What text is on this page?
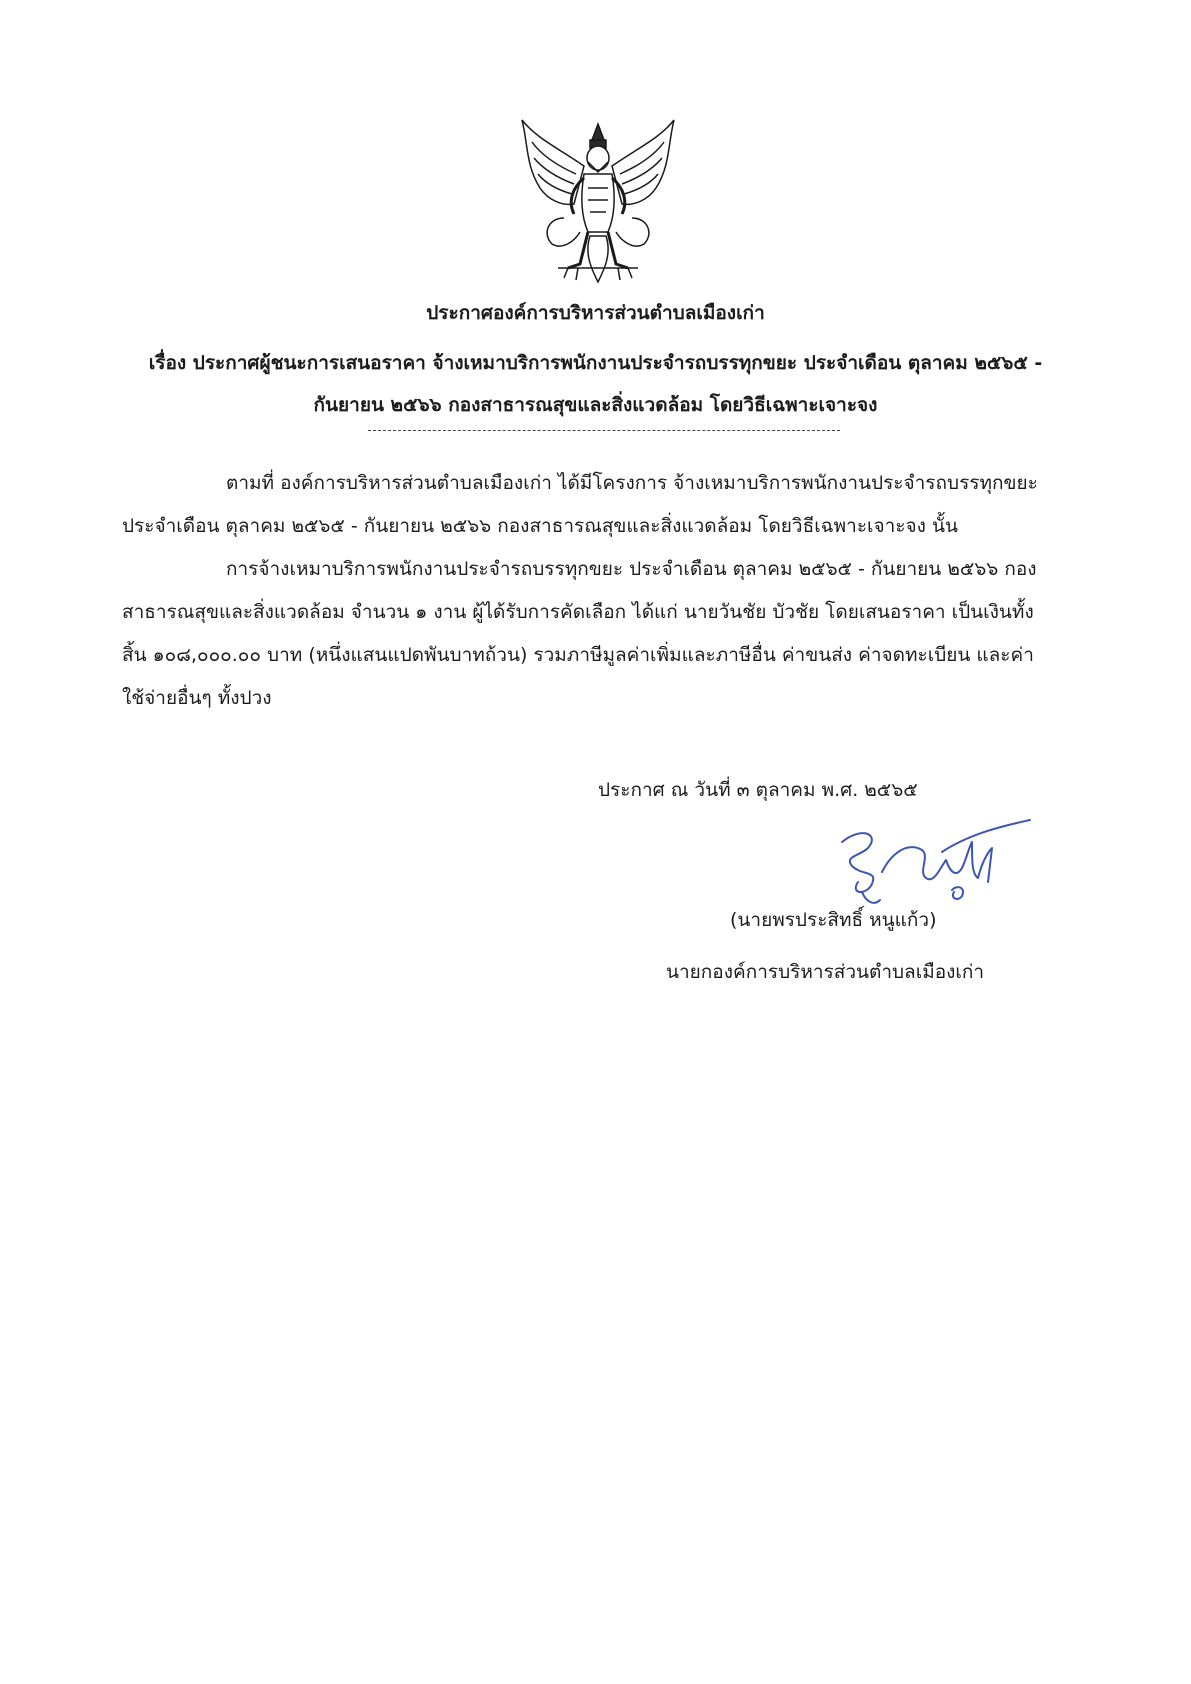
ประกาศองค์การบริหารส่วนตำบลเมืองเก่า
เรื่อง ประกาศผู้ชนะการเสนอราคา จ้างเหมาบริการพนักงานประจำรถบรรทุกขยะ ประจำเดือน ตุลาคม ๒๕๖๕ -
กันยายน ๒๕๖๖ กองสาธารณสุขและสิ่งแวดล้อม โดยวิธีเฉพาะเจาะจง
ตามที่ องค์การบริหารส่วนตำบลเมืองเก่า ได้มีโครงการ จ้างเหมาบริการพนักงานประจำรถบรรทุกขยะ
ประจำเดือน ตุลาคม ๒๕๖๕ - กันยายน ๒๕๖๖ กองสาธารณสุขและสิ่งแวดล้อม โดยวิธีเฉพาะเจาะจง นั้น
การจ้างเหมาบริการพนักงานประจำรถบรรทุกขยะ ประจำเดือน ตุลาคม ๒๕๖๕ - กันยายน ๒๕๖๖ กอง
สาธารณสุขและสิ่งแวดล้อม จำนวน ๑ งาน ผู้ได้รับการคัดเลือก ได้แก่ นายวันชัย บัวชัย โดยเสนอราคา เป็นเงินทั้ง
สิ้น ๑๐๘,๐๐๐.๐๐ บาท (หนึ่งแสนแปดพันบาทถ้วน) รวมภาษีมูลค่าเพิ่มและภาษีอื่น ค่าขนส่ง ค่าจดทะเบียน และค่า
ใช้จ่ายอื่นๆ ทั้งปวง
ประกาศ ณ วันที่ ๓ ตุลาคม พ.ศ. ๒๕๖๕
(นายพรประสิทธิ์ หนูแก้ว)
นายกองค์การบริหารส่วนตำบลเมืองเก่า
